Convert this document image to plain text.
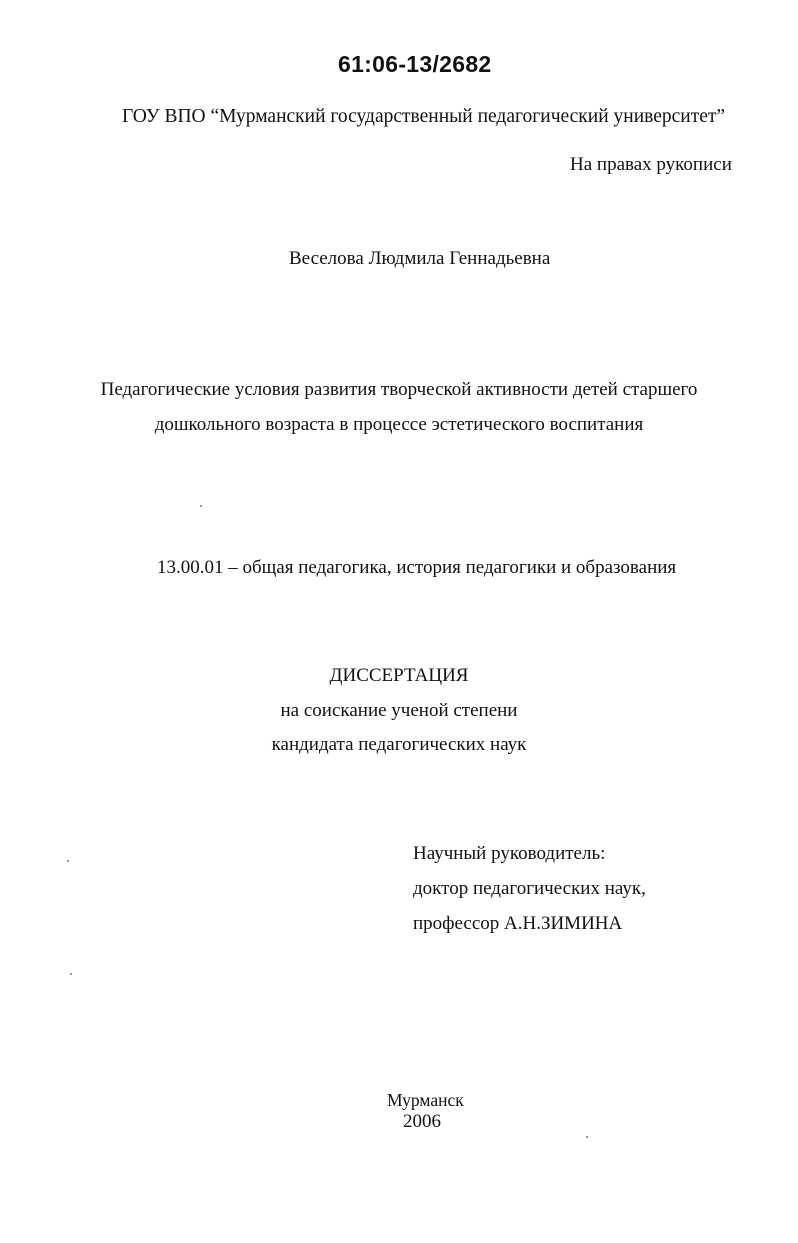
61:06-13/2682
ГОУ ВПО “Мурманский государственный педагогический университет”
На правах рукописи
Веселова Людмила Геннадьевна
Педагогические условия развития творческой активности детей старшего
дошкольного возраста в процессе эстетического воспитания
13.00.01 – общая педагогика, история педагогики и образования
ДИССЕРТАЦИЯ
на соискание ученой степени
кандидата педагогических наук
Научный руководитель:
доктор педагогических наук,
профессор А.Н.ЗИМИНА
Мурманск
2006
